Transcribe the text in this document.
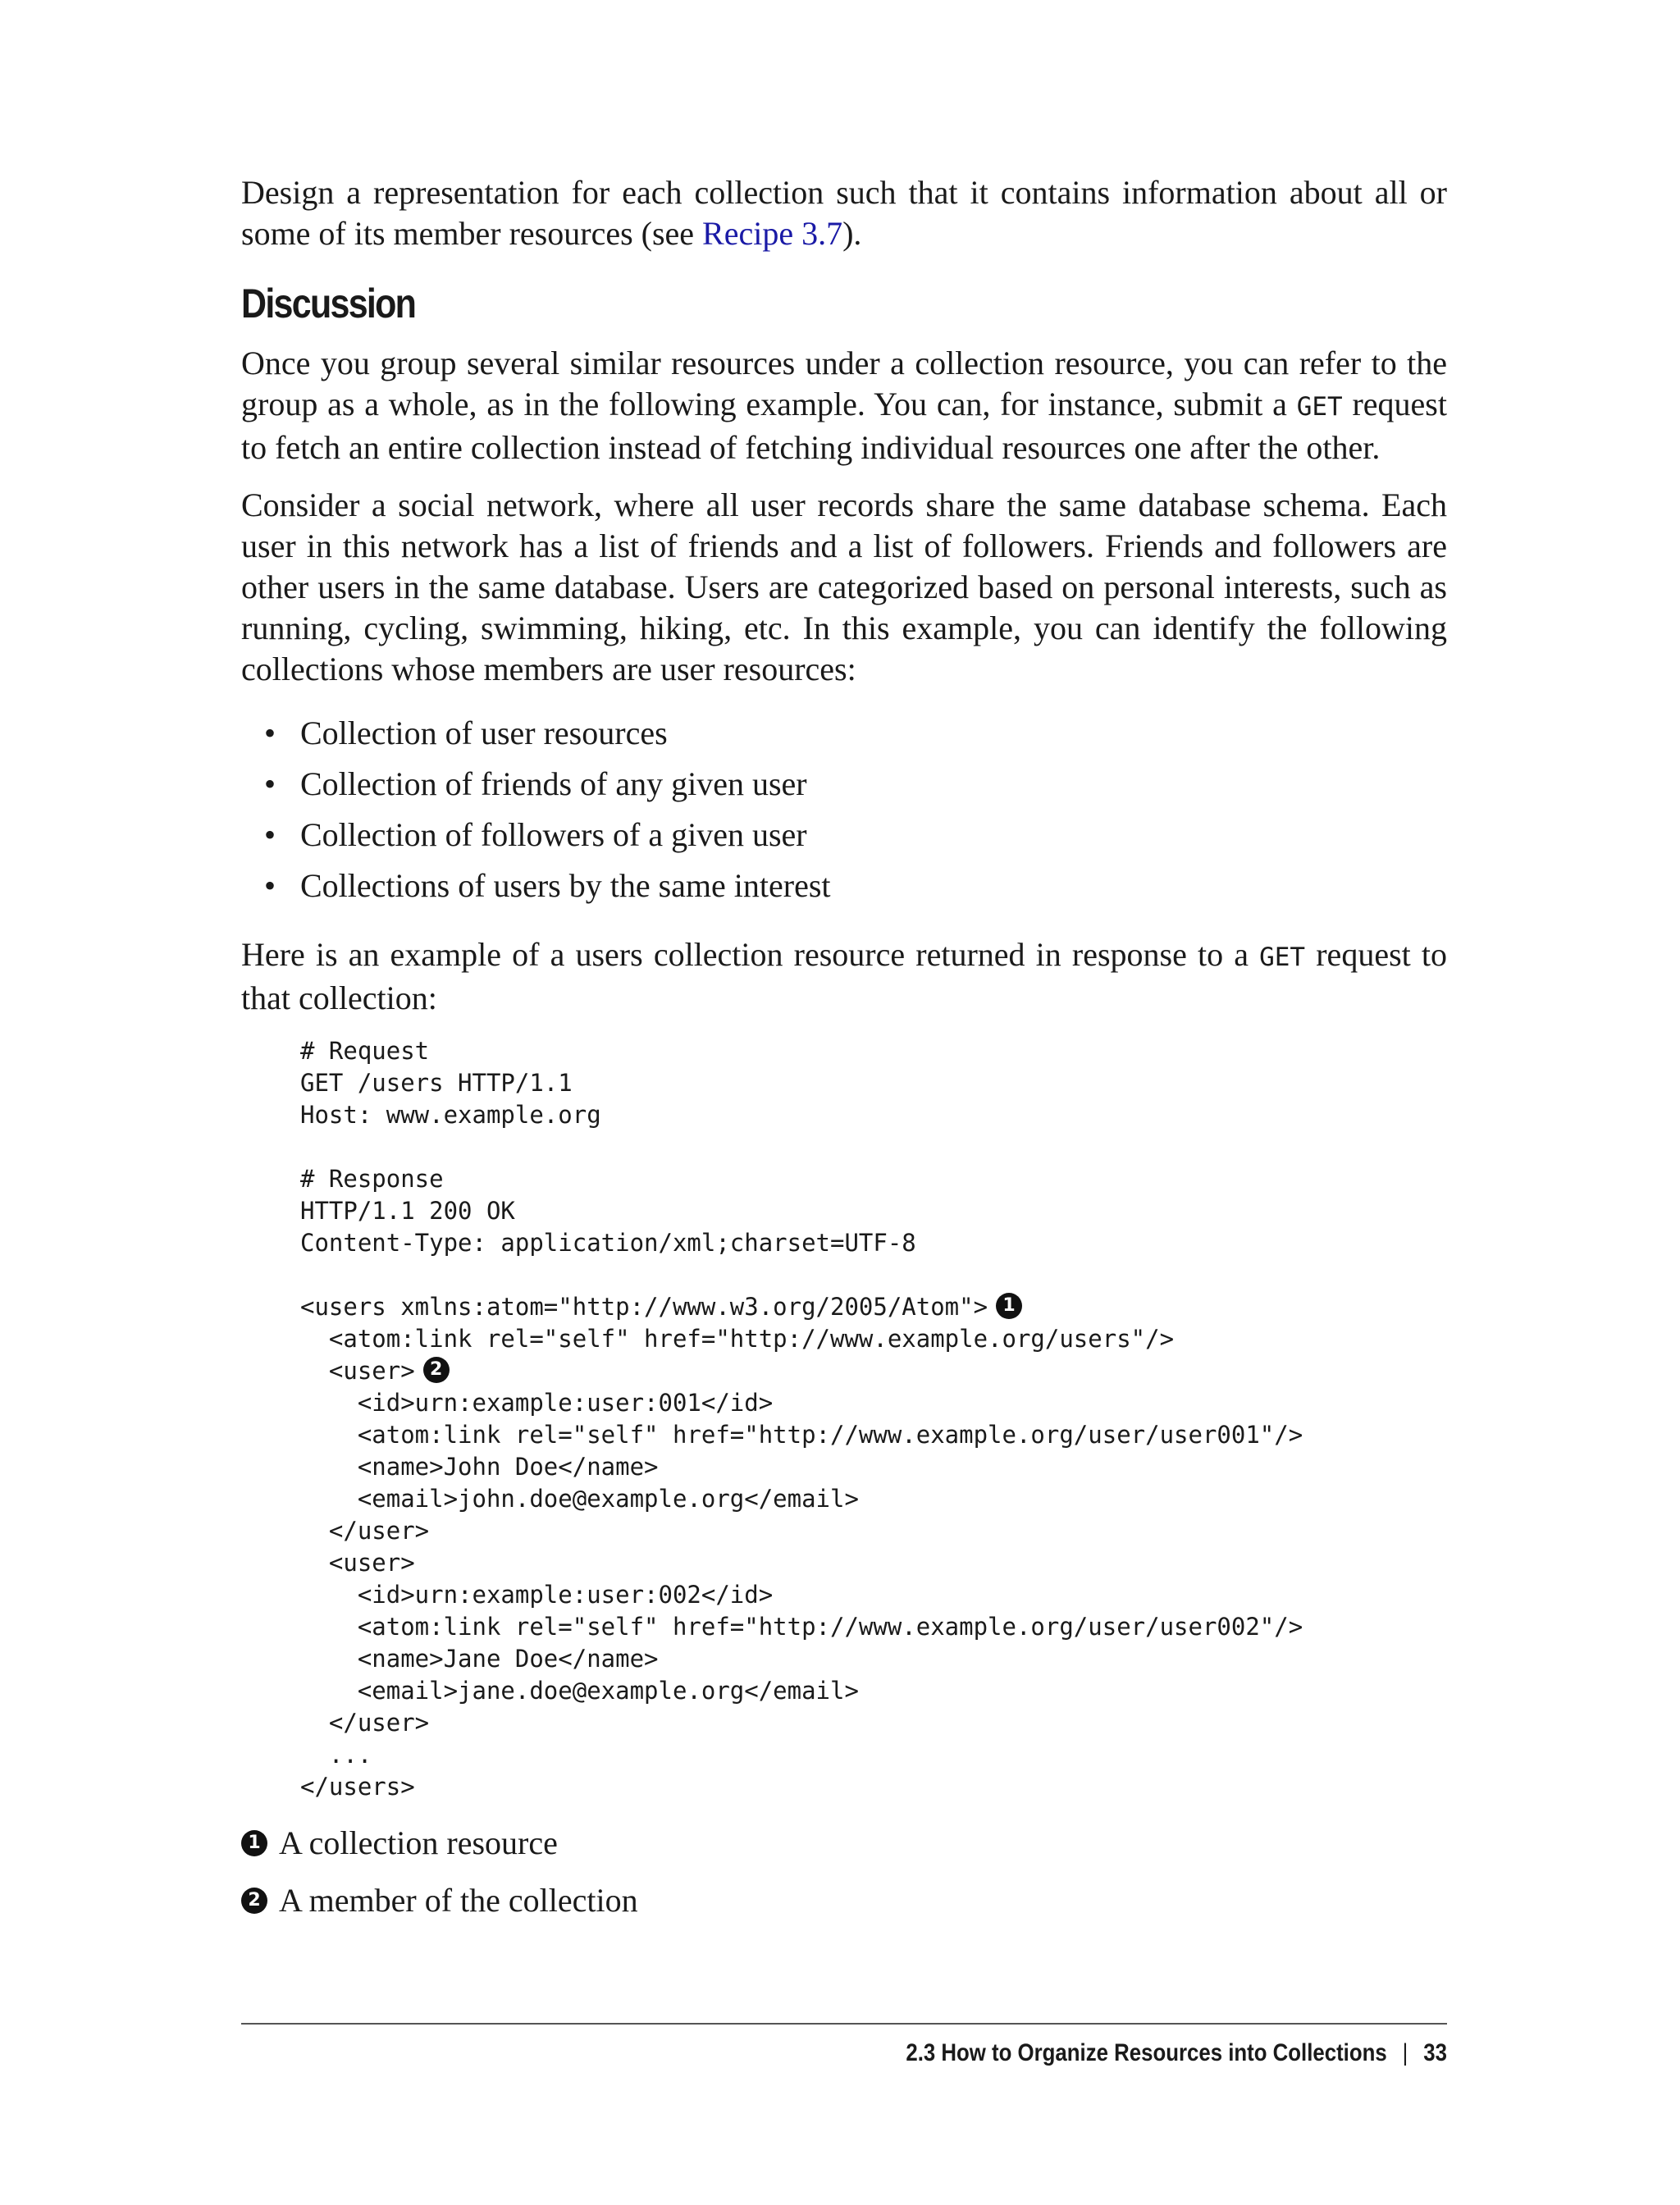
Design a representation for each collection such that it contains information about all or some of its member resources (see Recipe 3.7).

Discussion

Once you group several similar resources under a collection resource, you can refer to the group as a whole, as in the following example. You can, for instance, submit a GET request to fetch an entire collection instead of fetching individual resources one after the other.

Consider a social network, where all user records share the same database schema. Each user in this network has a list of friends and a list of followers. Friends and followers are other users in the same database. Users are categorized based on personal interests, such as running, cycling, swimming, hiking, etc. In this example, you can identify the following collections whose members are user resources:

• Collection of user resources
• Collection of friends of any given user
• Collection of followers of a given user
• Collections of users by the same interest

Here is an example of a users collection resource returned in response to a GET request to that collection:

# Request
GET /users HTTP/1.1
Host: www.example.org
# Response
HTTP/1.1 200 OK
Content-Type: application/xml;charset=UTF-8
<users xmlns:atom="http://www.w3.org/2005/Atom"> 1
<atom:link rel="self" href="http://www.example.org/users"/>
<user> 2
<id>urn:example:user:001</id>
<atom:link rel="self" href="http://www.example.org/user/user001"/>
<name>John Doe</name>
<email>john.doe@example.org</email>
</user>
<user>
<id>urn:example:user:002</id>
<atom:link rel="self" href="http://www.example.org/user/user002"/>
<name>Jane Doe</name>
<email>jane.doe@example.org</email>
</user>
...
</users>
1 A collection resource
2 A member of the collection
2.3 How to Organize Resources into Collections | 33
